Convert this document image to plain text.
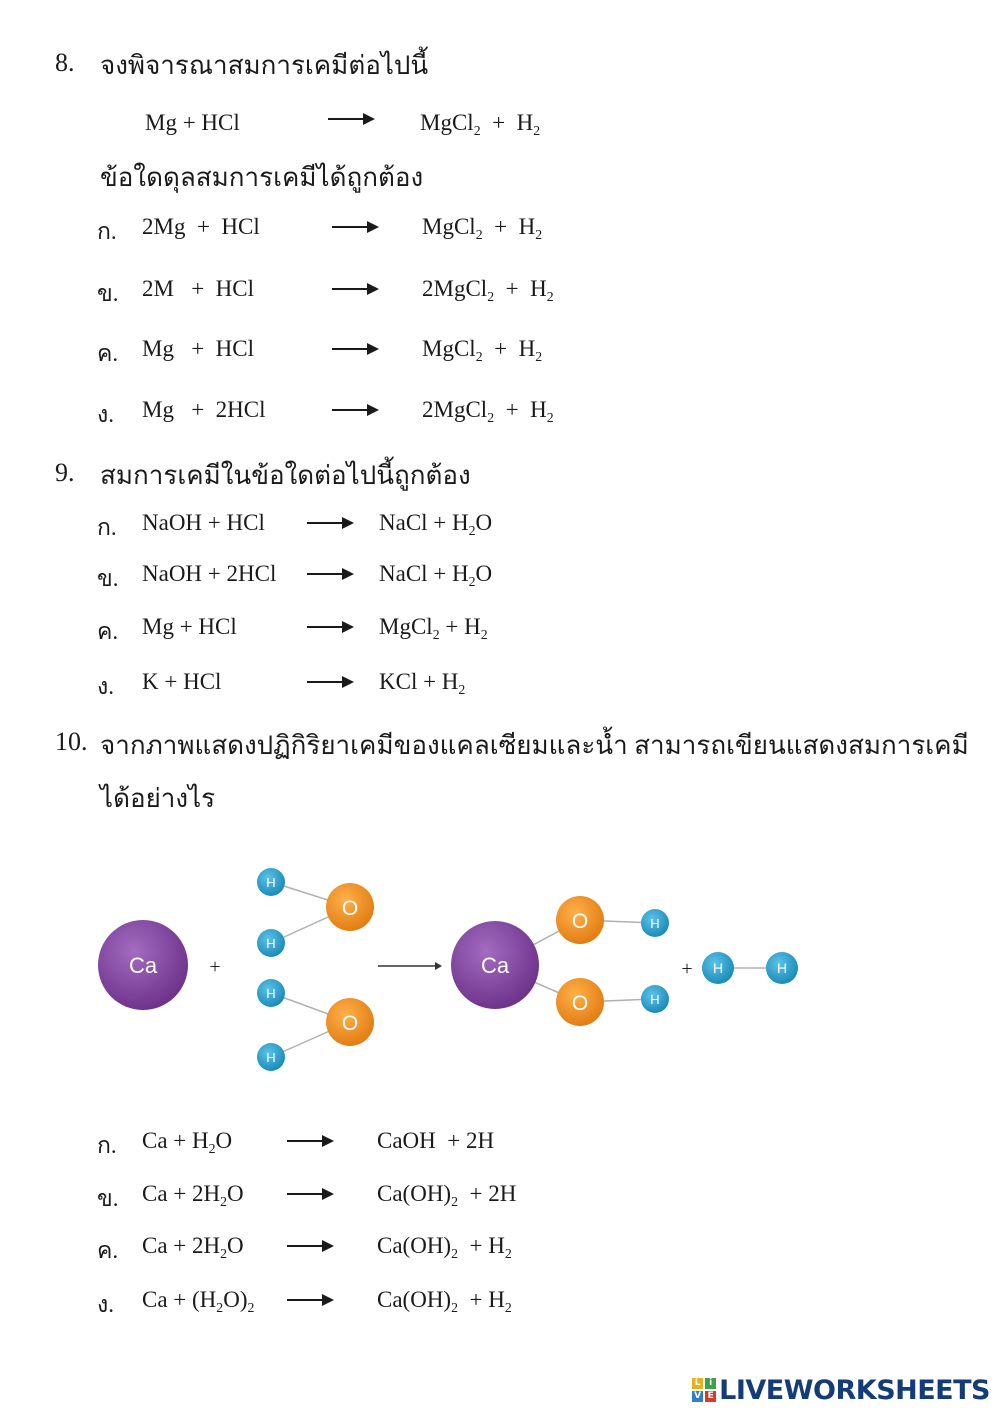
8. จงพิจารณาสมการเคมีต่อไปนี้
Mg + HCl	MgCl$_2$  +  $H_2$
ข้อใดดุลสมการเคมีได้ถูกต้อง
ก. 2Mg  +  HCl	MgCl$_2$  +  $H_2$
ข. 2M   +  HCl	2MgCl$_2$  +  $H_2$
ค. Mg   +  HCl	MgCl$_2$  +  $H_2$
ง. Mg   +  2HCl	2MgCl$_2$  +  $H_2$
9. สมการเคมีในข้อใดต่อไปนี้ถูกต้อง
ก. NaOH + HCl	NaCl + $H_2O$
ข. NaOH + 2HCl	NaCl + $H_2O$
ค. Mg + HCl	MgCl$_2$ + $H_2$
ง. K + HCl	KCl + $H_2$
10. จากภาพแสดงปฏิกิริยาเคมีของแคลเซียมและน้ำ สามารถเขียนแสดงสมการเคมี
ได้อย่างไร
Ca	+
H
H
O
H
H
O
Ca
O
O
H
H
+ H	H
ก. $Ca + H_2O$	CaOH  + 2H
ข. $Ca + 2H_2O$	$Ca(OH)_2 + 2H$
ค. $Ca + 2H_2O$	$Ca(OH)_2 + H_2$
ง. $Ca + (H_2O)_2$	$Ca(OH)_2 + H_2$
L i
V E LIVEWORKSHEETS
